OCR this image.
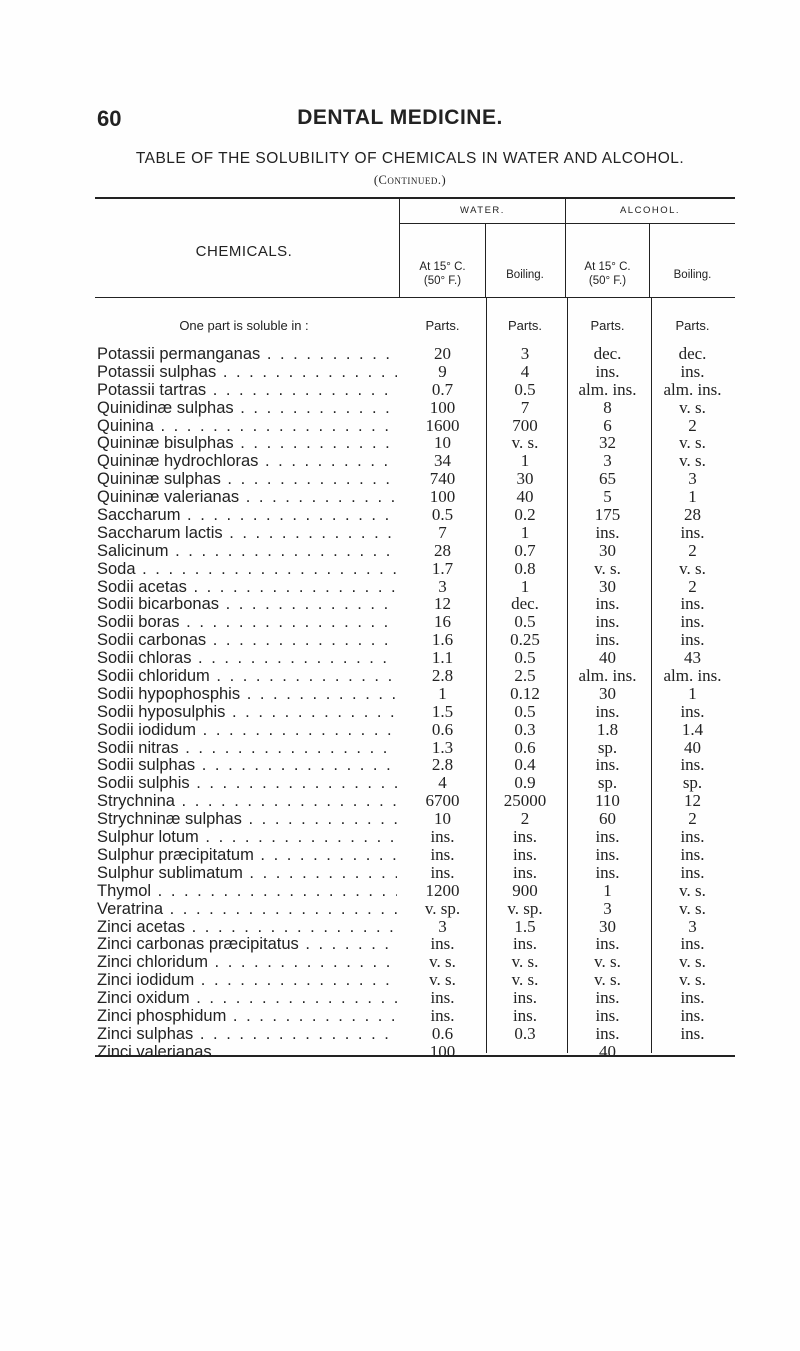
60	DENTAL MEDICINE.
TABLE OF THE SOLUBILITY OF CHEMICALS IN WATER AND ALCOHOL.
(Continued.)
CHEMICALS.
WATER.	ALCOHOL.
At 15° C.
(50° F.)	Boiling.
At 15° C.
(50° F.)	Boiling.
One part is soluble in :	Parts.	Parts.	Parts.	Parts.
Potassii permanganas . . .	20	3	dec.	dec.
Potassii sulphas . . .	9	4	ins.	ins.
Potassii tartras . . .	0.7	0.5	alm. ins.	alm. ins.
Quinidinæ sulphas . . .	100	7	8	v. s.
Quinina . . .	1600	700	6	2
Quininæ bisulphas . . .	10	v. s.	32	v. s.
Quininæ hydrochloras . . .	34	1	3	v. s.
Quininæ sulphas . . .	740	30	65	3
Quininæ valerianas . . .	100	40	5	1
Saccharum . . .	0.5	0.2	175	28
Saccharum lactis . . .	7	1	ins.	ins.
Salicinum . . .	28	0.7	30	2
Soda . . .	1.7	0.8	v. s.	v. s.
Sodii acetas . . .	3	1	30	2
Sodii bicarbonas . . .	12	dec.	ins.	ins.
Sodii boras . . .	16	0.5	ins.	ins.
Sodii carbonas . . .	1.6	0.25	ins.	ins.
Sodii chloras . . .	1.1	0.5	40	43
Sodii chloridum . . .	2.8	2.5	alm. ins.	alm. ins.
Sodii hypophosphis . . .	1	0.12	30	1
Sodii hyposulphis . . .	1.5	0.5	ins.	ins.
Sodii iodidum . . .	0.6	0.3	1.8	1.4
Sodii nitras . . .	1.3	0.6	sp.	40
Sodii sulphas . . .	2.8	0.4	ins.	ins.
Sodii sulphis . . .	4	0.9	sp.	sp.
Strychnina . . .	6700	25000	110	12
Strychninæ sulphas . . .	10	2	60	2
Sulphur lotum . . .	ins.	ins.	ins.	ins.
Sulphur præcipitatum . . .	ins.	ins.	ins.	ins.
Sulphur sublimatum . . .	ins.	ins.	ins.	ins.
Thymol . . .	1200	900	1	v. s.
Veratrina . . .	v. sp.	v. sp.	3	v. s.
Zinci acetas . . .	3	1.5	30	3
Zinci carbonas præcipitatus . . .	ins.	ins.	ins.	ins.
Zinci chloridum . . .	v. s.	v. s.	v. s.	v. s.
Zinci iodidum . . .	v. s.	v. s.	v. s.	v. s.
Zinci oxidum . . .	ins.	ins.	ins.	ins.
Zinci phosphidum . . .	ins.	ins.	ins.	ins.
Zinci sulphas . . .	0.6	0.3	ins.	ins.
Zinci valerianas . . .	100	...	40	...
